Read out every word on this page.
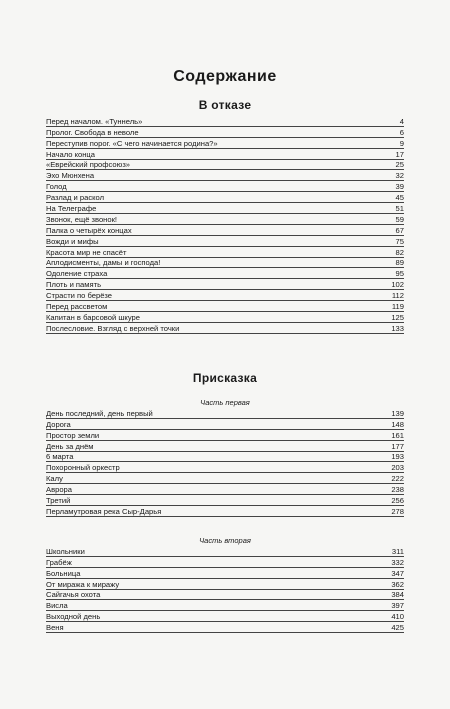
Содержание
В отказе
Перед началом. «Туннель»	4
Пролог. Свобода в неволе	6
Переступив порог. «С чего начинается родина?»	9
Начало конца	17
«Еврейский профсоюз»	25
Эхо Мюнхена	32
Голод	39
Разлад и раскол	45
На Телеграфе	51
Звонок, ещё звонок!	59
Палка о четырёх концах	67
Вожди и мифы	75
Красота мир не спасёт	82
Аплодисменты, дамы и господа!	89
Одоление страха	95
Плоть и память	102
Страсти по берёзе	112
Перед рассветом	119
Капитан в барсовой шкуре	125
Послесловие. Взгляд с верхней точки	133
Присказка
Часть первая
День последний, день первый	139
Дорога	148
Простор земли	161
День за днём	177
6 марта	193
Похоронный оркестр	203
Калу	222
Аврора	238
Третий	256
Перламутровая река Сыр-Дарья	278
Часть вторая
Школьники	311
Грабёж	332
Больница	347
От миража к миражу	362
Сайгачья охота	384
Висла	397
Выходной день	410
Веня	425
